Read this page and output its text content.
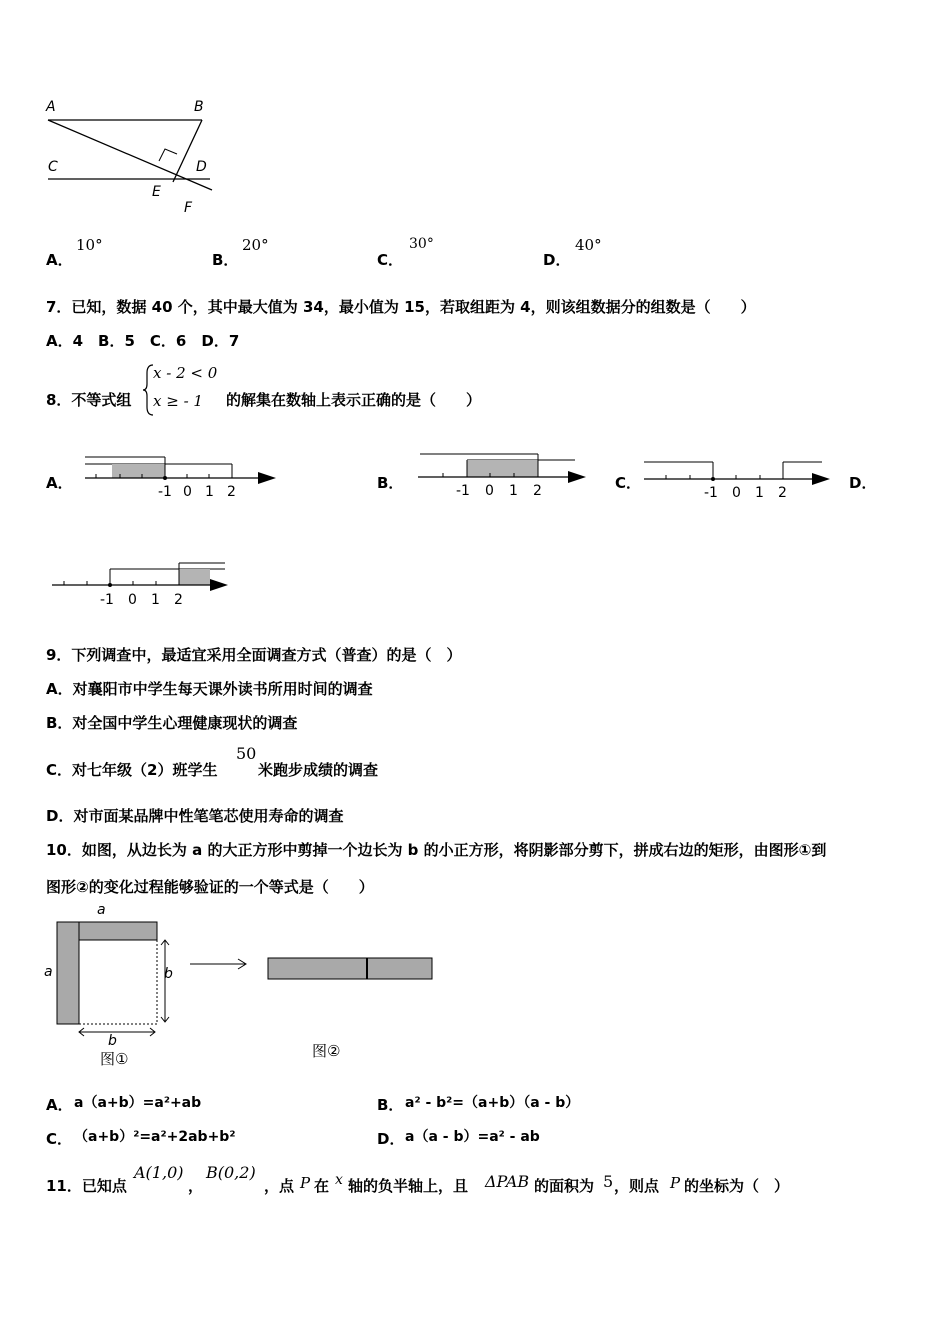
A	B
C	D
E
F
A．
10°
B．
20°
C．
30°
D．
40°
7．已知，数据 40 个，其中最大值为 34，最小值为 15，若取组距为 4，则该组数据分的组数是（　　）
A．4　B．5　C．6　D．7
8．不等式组
x - 2 < 0
x ≥ - 1 的解集在数轴上表示正确的是（　　）
A．	B．	C．	D．
-1 0 1 2	-1 0 1 2	-1 0 1 2
-1 0 1 2
9．下列调查中，最适宜采用全面调查方式（普查）的是（　）
A．对襄阳市中学生每天课外读书所用时间的调查
B．对全国中学生心理健康现状的调查
C．对七年级（2）班学生
50
米跑步成绩的调查
D．对市面某品牌中性笔笔芯使用寿命的调查
10．如图，从边长为 a 的大正方形中剪掉一个边长为 b 的小正方形，将阴影部分剪下，拼成右边的矩形，由图形①到
图形②的变化过程能够验证的一个等式是（　　）
a
a	b
b
图①	图②
A． a（a+b）=a²+ab	B． a² - b²=（a+b）（a - b）
C． （a+b）²=a²+2ab+b²	D． a（a - b）=a² - ab
11．已知点
A(1,0)
，
B(0,2)
，点 P 在 x 轴的负半轴上，且 ΔPAB 的面积为 5 ，则点 P 的坐标为（　）
